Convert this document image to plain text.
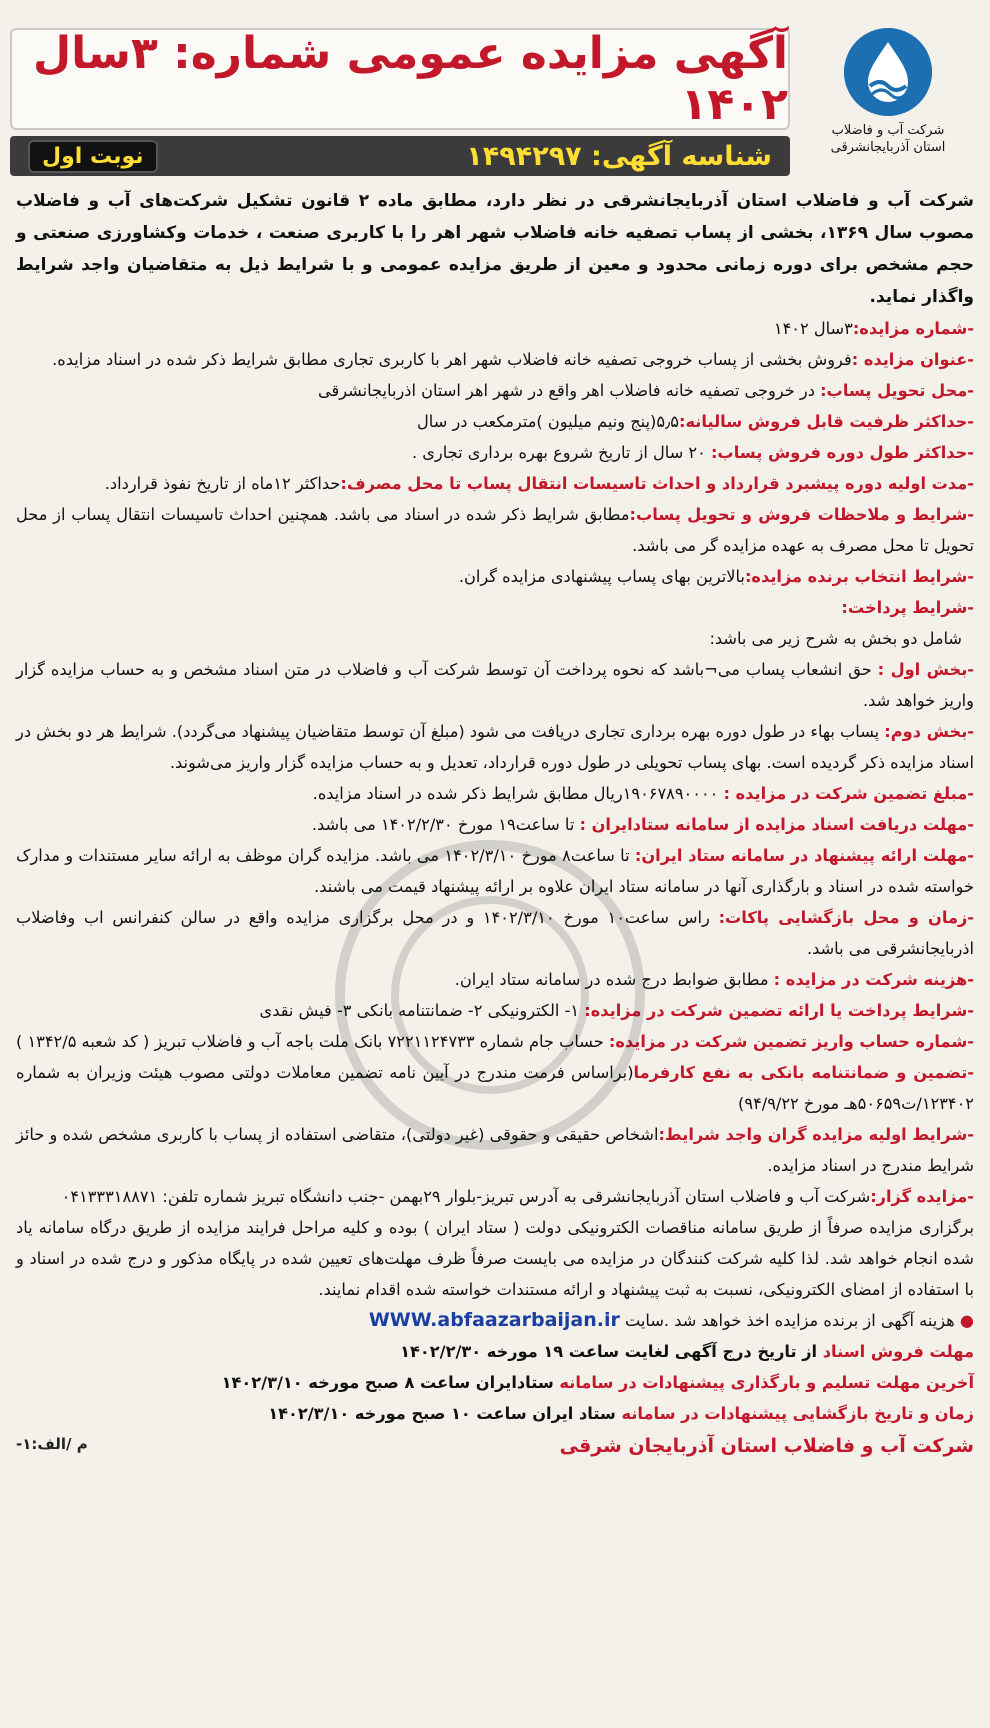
آگهی مزایده عمومی شماره: ۳سال ۱۴۰۲
شناسه آگهی: ۱۴۹۴۲۹۷
نوبت اول
شرکت آب و فاضلاب
استان آذربایجانشرقی

شرکت آب و فاضلاب استان آذربایجانشرقی در نظر دارد، مطابق ماده ۲ قانون تشکیل شرکت‌های آب و فاضلاب مصوب سال ۱۳۶۹، بخشی از پساب تصفیه خانه فاضلاب شهر اهر را با کاربری صنعت ، خدمات وکشاورزی صنعتی و حجم مشخص برای دوره زمانی محدود و معین از طریق مزایده عمومی و با شرایط ذیل به متقاضیان واجد شرایط واگذار نماید.

-شماره مزایده:۳سال ۱۴۰۲

-عنوان مزایده :فروش بخشی از پساب خروجی تصفیه خانه فاضلاب شهر اهر با کاربری تجاری مطابق شرایط ذکر شده در اسناد مزایده.

-محل تحویل پساب: در خروجی تصفیه خانه فاضلاب اهر واقع در شهر اهر استان اذربایجانشرقی

-حداکثر ظرفیت قابل فروش سالیانه:۵٫۵(پنج ونیم میلیون )مترمکعب در سال

-حداکثر طول دوره فروش پساب: ۲۰ سال از تاریخ شروع بهره برداری تجاری .

-مدت اولیه دوره پیشبرد قرارداد و احداث تاسیسات انتقال پساب تا محل مصرف:حداکثر ۱۲ماه از تاریخ نفوذ قرارداد.

-شرایط و ملاحظات فروش و تحویل پساب:مطابق شرایط ذکر شده در اسناد می باشد. همچنین احداث تاسیسات انتقال پساب از محل تحویل تا محل مصرف به عهده مزایده گر می باشد.

-شرایط انتخاب برنده مزایده:بالاترین بهای پساب پیشنهادی مزایده گران.

-شرایط پرداخت:

شامل دو بخش به شرح زیر می باشد:

-بخش اول : حق انشعاب پساب می¬باشد که نحوه پرداخت آن توسط شرکت آب و فاضلاب در متن اسناد مشخص و به حساب مزایده گزار واریز خواهد شد.

-بخش دوم: پساب بهاء در طول دوره بهره برداری تجاری دریافت می شود (مبلغ آن توسط متقاضیان پیشنهاد می‌گردد). شرایط هر دو بخش در اسناد مزایده ذکر گردیده است. بهای پساب تحویلی در طول دوره قرارداد، تعدیل و به حساب مزایده گزار واریز می‌شوند.

-مبلغ تضمین شرکت در مزایده : ۱۹۰۶۷۸۹۰۰۰۰ریال مطابق شرایط ذکر شده در اسناد مزایده.

-مهلت دریافت اسناد مزایده از سامانه ستادایران : تا ساعت۱۹ مورخ ۱۴۰۲/۲/۳۰ می باشد.

-مهلت ارائه پیشنهاد در سامانه ستاد ایران: تا ساعت۸ مورخ ۱۴۰۲/۳/۱۰ می باشد. مزایده گران موظف به ارائه سایر مستندات و مدارک خواسته شده در اسناد و بارگذاری آنها در سامانه ستاد ایران علاوه بر ارائه پیشنهاد قیمت می باشند.

-زمان و محل بازگشایی پاکات: راس ساعت۱۰ مورخ ۱۴۰۲/۳/۱۰ و در محل برگزاری مزایده واقع در سالن کنفرانس اب وفاضلاب اذربایجانشرقی می باشد.

-هزینه شرکت در مزایده : مطابق ضوابط درج شده در سامانه ستاد ایران.

-شرایط پرداخت یا ارائه تضمین شرکت در مزایده: ۱- الکترونیکی ۲- ضمانتنامه بانکی ۳- فیش نقدی

-شماره حساب واریز تضمین شرکت در مزایده: حساب جام شماره ۷۲۲۱۱۲۴۷۳۳ بانک ملت باجه آب و فاضلاب تبریز ( کد شعبه ۱۳۴۲/۵ )

-تضمین و ضمانتنامه بانکی به نفع کارفرما(براساس فرمت مندرج در آیین نامه تضمین معاملات دولتی مصوب هیئت وزیران به شماره ۱۲۳۴۰۲/ت۵۰۶۵۹هـ مورخ ۹۴/۹/۲۲)

-شرایط اولیه مزایده گران واجد شرایط:اشخاص حقیقی و حقوقی (غیر دولتی)، متقاضی استفاده از پساب با کاربری مشخص شده و حائز شرایط مندرج در اسناد مزایده.

-مزایده گزار:شرکت آب و فاضلاب استان آذربایجانشرقی به آدرس تبریز-بلوار ۲۹بهمن -جنب دانشگاه تبریز شماره تلفن: ۰۴۱۳۳۳۱۸۸۷۱

برگزاری مزایده صرفاً از طریق سامانه مناقصات الکترونیکی دولت ( ستاد ایران ) بوده و کلیه مراحل فرایند مزایده از طریق درگاه سامانه یاد شده انجام خواهد شد. لذا کلیه شرکت کنندگان در مزایده می بایست صرفاً ظرف مهلت‌های تعیین شده در پایگاه مذکور و درج شده در اسناد و با استفاده از امضای الکترونیکی، نسبت به ثبت پیشنهاد و ارائه مستندات خواسته شده اقدام نمایند.

● هزینه آگهی از برنده مزایده اخذ خواهد شد .سایت WWW.abfaazarbaijan.ir

مهلت فروش اسناد از تاریخ درج آگهی لغایت ساعت ۱۹ مورخه ۱۴۰۲/۲/۳۰

آخرین مهلت تسلیم و بارگذاری پیشنهادات در سامانه ستادایران ساعت ۸ صبح مورخه ۱۴۰۲/۳/۱۰

زمان و تاریخ بازگشایی پیشنهادات در سامانه ستاد ایران ساعت ۱۰ صبح مورخه ۱۴۰۲/۳/۱۰

شرکت آب و فاضلاب استان آذربایجان شرقی
م /الف:۱-
